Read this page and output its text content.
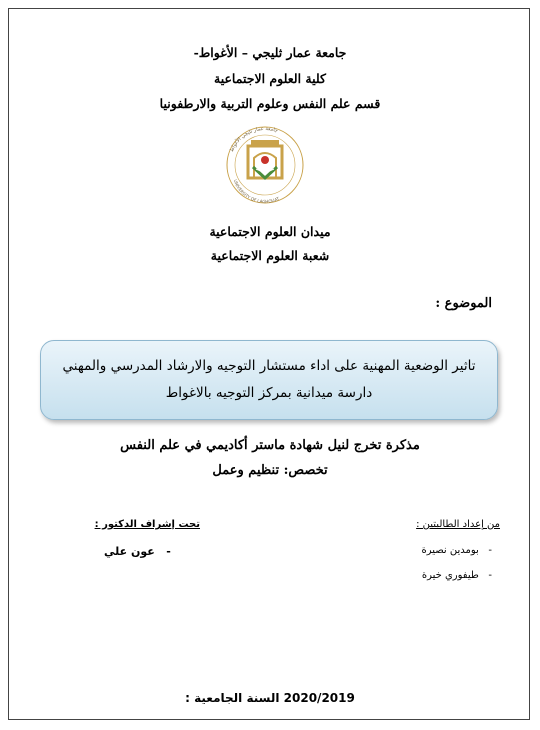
جامعة عمار ثليجي – الأغواط-
كلية العلوم الاجتماعية
قسم علم النفس وعلوم التربية والارطفونيا
جامعة عمار ثليجي الأغواط
UNIVERSITY OF LAGHOUAT
ميدان العلوم الاجتماعية
شعبة العلوم الاجتماعية
الموضوع :
تاثير الوضعية المهنية على اداء مستشار التوجيه والارشاد المدرسي والمهني
دارسة ميدانية بمركز التوجيه بالاغواط
مذكرة تخرج لنيل شهادة ماستر أكاديمي في علم النفس
تخصص: تنظيم وعمل
من إعداد الطالبتين :
تحت إشراف الدكتور :
-   بومدين نصيرة
-   طيفوري خيرة
-   عون علي
السنة الجامعية : 2020/2019
